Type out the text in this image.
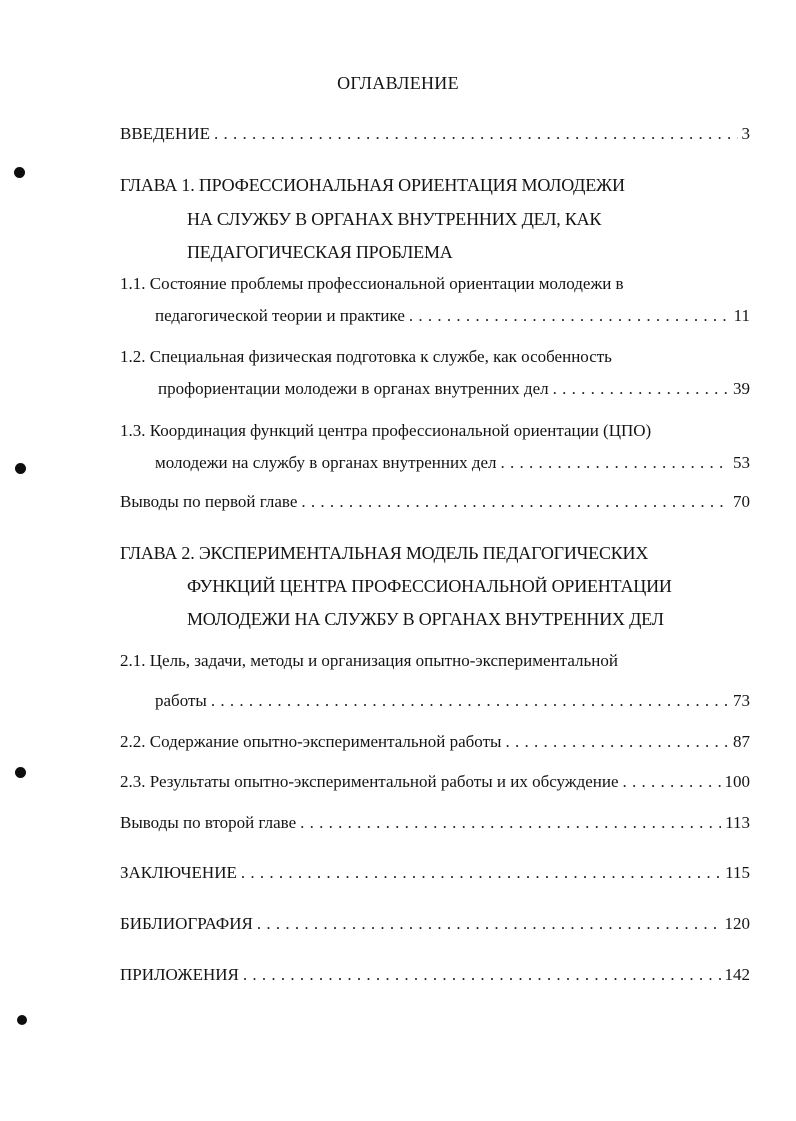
ОГЛАВЛЕНИЕ
ВВЕДЕНИЕ . . .	3
ГЛАВА 1. ПРОФЕССИОНАЛЬНАЯ ОРИЕНТАЦИЯ МОЛОДЕЖИ
НА СЛУЖБУ В ОРГАНАХ ВНУТРЕННИХ ДЕЛ, КАК
ПЕДАГОГИЧЕСКАЯ ПРОБЛЕМА
1.1. Состояние проблемы профессиональной ориентации молодежи в
педагогической теории и практике . . .	11
1.2. Специальная физическая подготовка к службе, как особенность
профориентации молодежи в органах внутренних дел . . .	39
1.3. Координация функций центра профессиональной ориентации (ЦПО)
молодежи на службу в органах внутренних дел . . .	53
Выводы по первой главе . . .	70
ГЛАВА 2. ЭКСПЕРИМЕНТАЛЬНАЯ МОДЕЛЬ ПЕДАГОГИЧЕСКИХ
ФУНКЦИЙ ЦЕНТРА ПРОФЕССИОНАЛЬНОЙ ОРИЕНТАЦИИ
МОЛОДЕЖИ НА СЛУЖБУ В ОРГАНАХ ВНУТРЕННИХ ДЕЛ
2.1. Цель, задачи, методы и организация опытно-экспериментальной
работы . . .	73
2.2. Содержание опытно-экспериментальной работы . . .	87
2.3. Результаты опытно-экспериментальной работы и их обсуждение . . .	100
Выводы по второй главе . . .	113
ЗАКЛЮЧЕНИЕ . . .	115
БИБЛИОГРАФИЯ . . .	120
ПРИЛОЖЕНИЯ . . .	142
